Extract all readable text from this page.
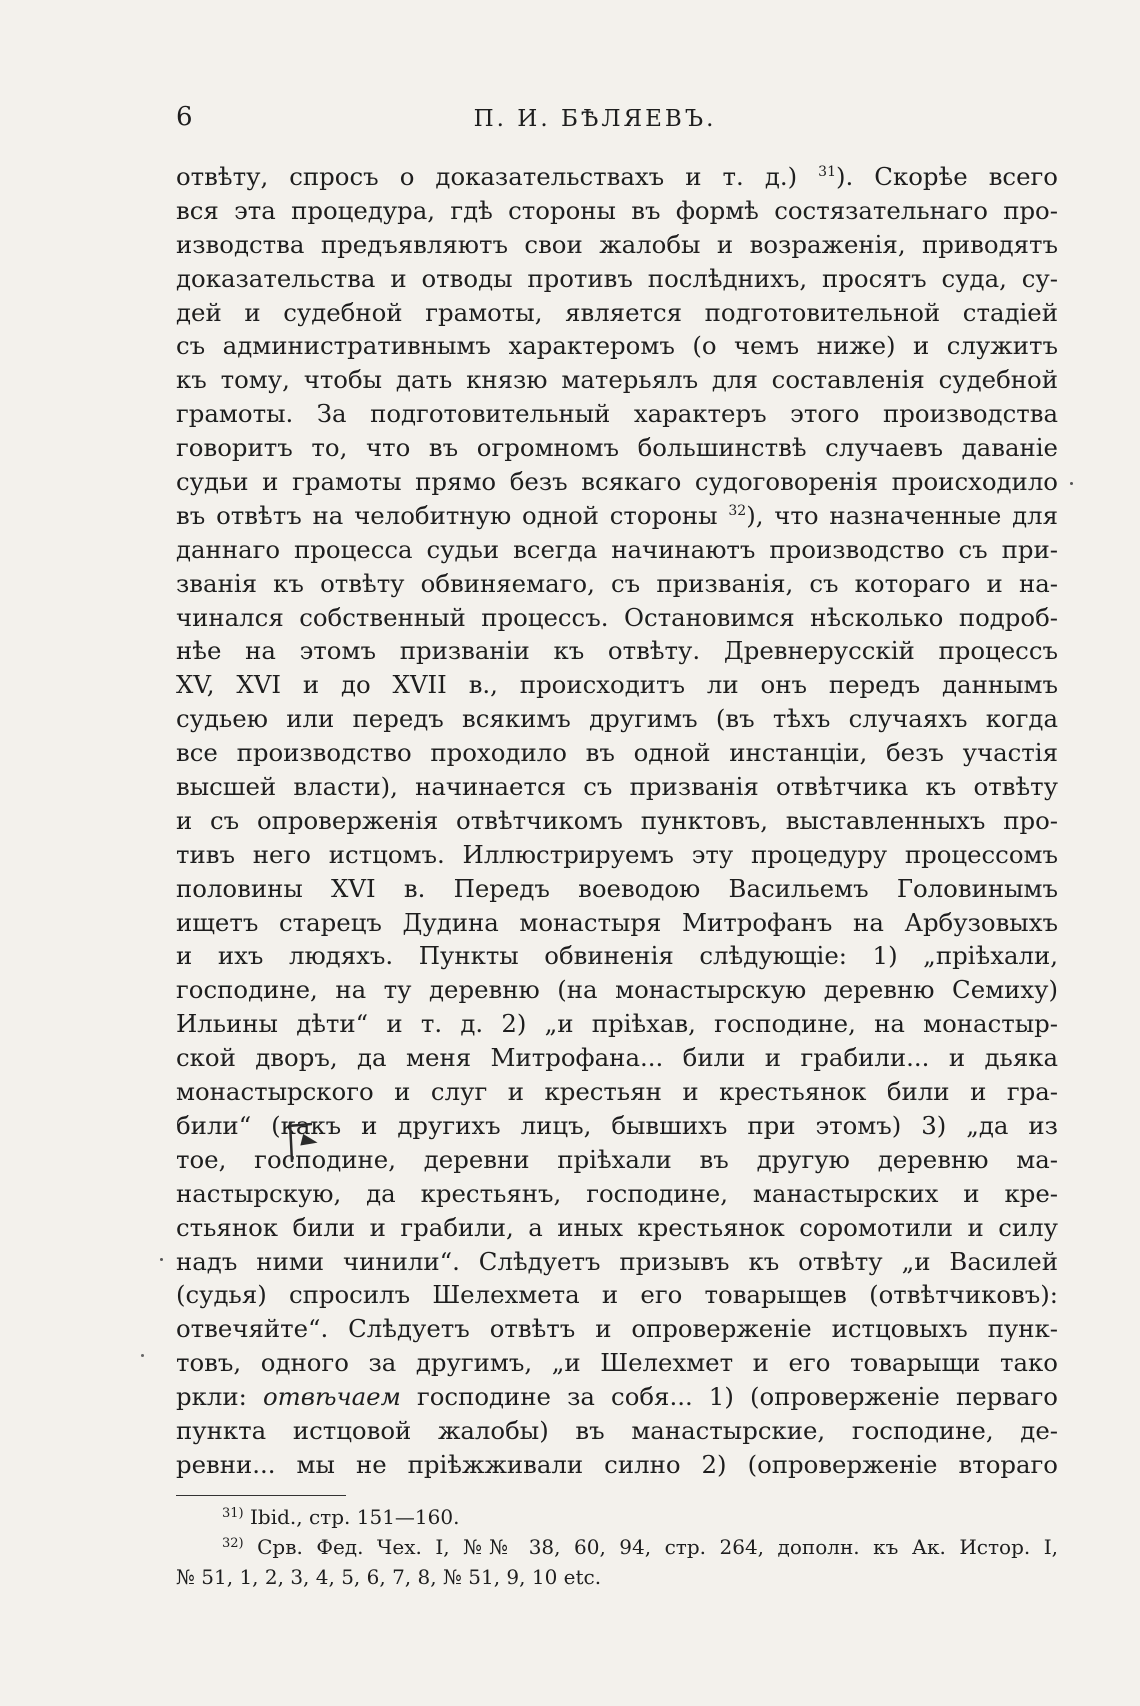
6	П. И. БѢЛЯЕВЪ.
отвѣту, спросъ о доказательствахъ и т. д.) $^{31}$). Скорѣе всего
вся эта процедура, гдѣ стороны въ формѣ состязательнаго про-
изводства предъявляютъ свои жалобы и возраженія, приводятъ
доказательства и отводы противъ послѣднихъ, просятъ суда, су-
дей и судебной грамоты, является подготовительной стадіей
съ административнымъ характеромъ (о чемъ ниже) и служитъ
къ тому, чтобы дать князю матерьялъ для составленія судебной
грамоты. За подготовительный характеръ этого производства
говоритъ то, что въ огромномъ большинствѣ случаевъ даваніе
судьи и грамоты прямо безъ всякаго судоговоренія происходило
въ отвѣтъ на челобитную одной стороны $^{32}$), что назначенные для
даннаго процесса судьи всегда начинаютъ производство съ при-
званія къ отвѣту обвиняемаго, съ призванія, съ котораго и на-
чинался собственный процессъ. Остановимся нѣсколько подроб-
нѣе на этомъ призваніи къ отвѣту. Древнерусскій процессъ
XV, XVI и до XVII в., происходитъ ли онъ передъ даннымъ
судьею или передъ всякимъ другимъ (въ тѣхъ случаяхъ когда
все производство проходило въ одной инстанціи, безъ участія
высшей власти), начинается съ призванія отвѣтчика къ отвѣту
и съ опроверженія отвѣтчикомъ пунктовъ, выставленныхъ про-
тивъ него истцомъ. Иллюстрируемъ эту процедуру процессомъ
половины XVI в. Передъ воеводою Васильемъ Головинымъ
ищетъ старецъ Дудина монастыря Митрофанъ на Арбузовыхъ
и ихъ людяхъ. Пункты обвиненія слѣдующіе: 1) „пріѣхали,
господине, на ту деревню (на монастырскую деревню Семиху)
Ильины дѣти“ и т. д. 2) „и пріѣхав, господине, на монастыр-
ской дворъ, да меня Митрофана... били и грабили... и дьяка
монастырского и слуг и крестьян и крестьянок били и гра-
били“ (какъ и другихъ лицъ, бывшихъ при этомъ) 3) „да из
тое, господине, деревни пріѣхали въ другую деревню ма-
настырскую, да крестьянъ, господине, манастырских и кре-
стьянок били и грабили, а иных крестьянок соромотили и силу
надъ ними чинили“. Слѣдуетъ призывъ къ отвѣту „и Василей
(судья) спросилъ Шелехмета и его товарыщев (отвѣтчиковъ):
отвечяйте“. Слѣдуетъ отвѣтъ и опроверженіе истцовыхъ пунк-
товъ, одного за другимъ, „и Шелехмет и его товарыщи тако
ркли: отвѣчаем господине за собя... 1) (опроверженіе перваго
пункта истцовой жалобы) въ манастырские, господине, де-
ревни... мы не пріѣжживали силно 2) (опроверженіе втораго
$^{31)}$ Ibid., стр. 151—160.
$^{32)}$ Срв. Фед. Чех. I, №№ 38, 60, 94, стр. 264, дополн. къ Ак. Истор. I,
№ 51, 1, 2, 3, 4, 5, 6, 7, 8, № 51, 9, 10 etc.
